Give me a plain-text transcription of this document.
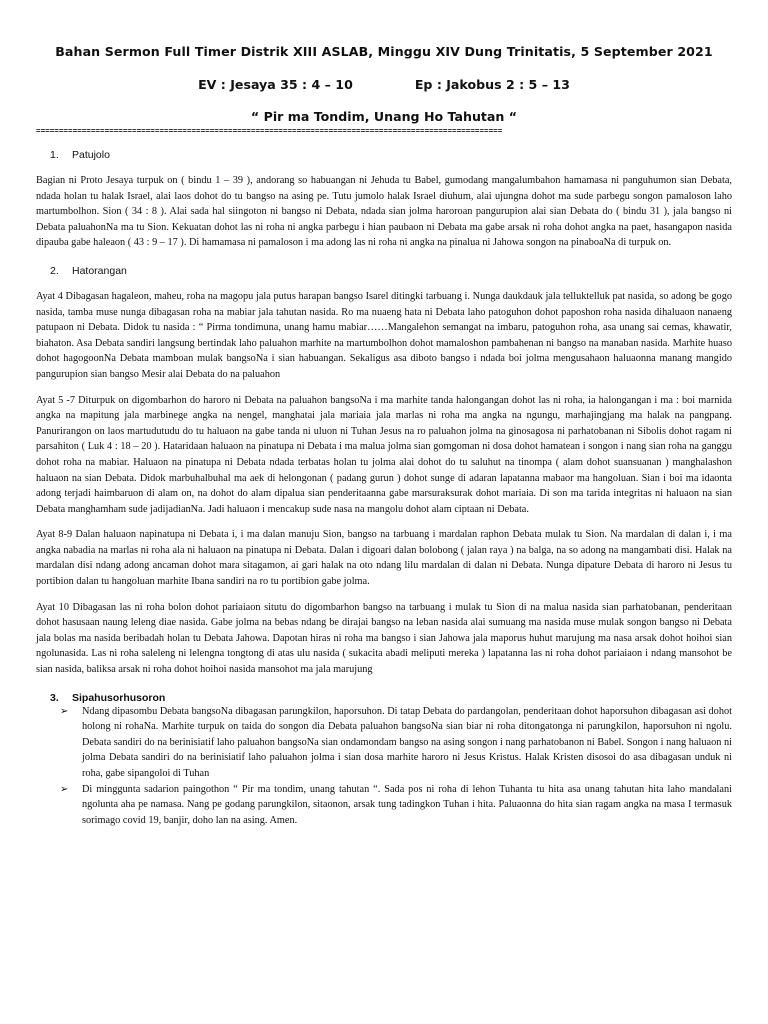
Bahan Sermon Full Timer Distrik XIII ASLAB, Minggu XIV Dung Trinitatis, 5 September 2021
EV : Jesaya 35 : 4 – 10	Ep : Jakobus 2 : 5 – 13
“ Pir ma Tondim, Unang Ho Tahutan “
======================================================================================================
1.	Patujolo

Bagian ni Proto Jesaya turpuk on ( bindu 1 – 39 ), andorang so habuangan ni Jehuda tu Babel, gumodang mangalumbahon hamamasa ni panguhumon sian Debata, ndada holan tu halak Israel, alai laos dohot do tu bangso na asing pe. Tutu jumolo halak Israel diuhum, alai ujungna dohot ma sude parbegu songon pamaloson laho martumbolhon. Sion ( 34 : 8 ). Alai sada hal siingoton ni bangso ni Debata, ndada sian jolma haroroan pangurupion alai sian Debata do ( bindu 31 ), jala bangso ni Debata paluahonNa ma tu Sion. Kekuatan dohot las ni roha ni angka parbegu i hian paubaon ni Debata ma gabe arsak ni roha dohot angka na paet, hasangapon nasida dipauba gabe haleaon ( 43 : 9 – 17 ). Di hamamasa ni pamaloson i ma adong las ni roha ni angka na pinalua ni Jahowa songon na pinaboaNa di turpuk on.

2.	Hatorangan

Ayat 4 Dibagasan hagaleon, maheu, roha na magopu jala putus harapan bangso Isarel ditingki tarbuang i. Nunga daukdauk jala telluktelluk pat nasida, so adong be gogo nasida, tamba muse nunga dibagasan roha na mabiar jala tahutan nasida. Ro ma nuaeng hata ni Debata laho patoguhon dohot paposhon roha nasida dihaluaon nanaeng patupaon ni Debata. Didok tu nasida : “ Pirma tondimuna, unang hamu mabiar……Mangalehon semangat na imbaru, patoguhon roha, asa unang sai cemas, khawatir, biahaton. Asa Debata sandiri langsung bertindak laho paluahon marhite na martumbolhon dohot mamaloshon pambahenan ni bangso na manaban nasida. Marhite huaso dohot hagogoonNa Debata mamboan mulak bangsoNa i sian habuangan. Sekaligus asa diboto bangso i ndada boi jolma mengusahaon haluaonna manang mangido pangurupion sian bangso Mesir alai Debata do na paluahon

Ayat 5 -7 Diturpuk on digombarhon do haroro ni Debata na paluahon bangsoNa i ma marhite tanda halongangan dohot las ni roha, ia halongangan i ma : boi marnida angka na mapitung jala marbinege angka na nengel, manghatai jala mariaia jala marlas ni roha ma angka na ngungu, marhajingjang ma halak na pangpang. Panurirangon on laos martudutudu do tu haluaon na gabe tanda ni uluon ni Tuhan Jesus na ro paluahon jolma na ginosagosa ni parhatobanan ni Sibolis dohot ragam ni parsahiton ( Luk 4 : 18 – 20 ). Hataridaan haluaon na pinatupa ni Debata i ma malua jolma sian gomgoman ni dosa dohot hamatean i songon i nang sian roha na ganggu dohot roha na mabiar. Haluaon na pinatupa ni Debata ndada terbatas holan tu jolma alai dohot do tu saluhut na tinompa ( alam dohot suansuanan ) manghalashon haluaon na sian Debata. Didok marbuhalbuhal ma aek di helongonan ( padang gurun ) dohot sunge di adaran lapatanna mabaor ma hangoluan. Sian i boi ma idaonta adong terjadi haimbaruon di alam on, na dohot do alam dipalua sian penderitaanna gabe marsuraksurak dohot mariaia. Di son ma tarida integritas ni haluaon na sian Debata manghamham sude jadijadianNa. Jadi haluaon i mencakup sude nasa na mangolu dohot alam ciptaan ni Debata.

Ayat 8-9 Dalan haluaon napinatupa ni Debata i, i ma dalan manuju Sion, bangso na tarbuang i mardalan raphon Debata mulak tu Sion. Na mardalan di dalan i, i ma angka nabadia na marlas ni roha ala ni haluaon na pinatupa ni Debata. Dalan i digoari dalan bolobong ( jalan raya ) na balga, na so adong na mangambati disi. Halak na mardalan disi ndang adong ancaman dohot mara sitagamon, ai gari halak na oto ndang lilu mardalan di dalan ni Debata. Nunga dipature Debata di haroro ni Jesus tu portibion dalan tu hangoluan marhite Ibana sandiri na ro tu portibion gabe jolma.

Ayat 10 Dibagasan las ni roha bolon dohot pariaiaon situtu do digombarhon bangso na tarbuang i mulak tu Sion di na malua nasida sian parhatobanan, penderitaan dohot hasusaan naung leleng diae nasida. Gabe jolma na bebas ndang be dirajai bangso na leban nasida alai sumuang ma nasida muse mulak songon bangso ni Debata jala bolas ma nasida beribadah holan tu Debata Jahowa. Dapotan hiras ni roha ma bangso i sian Jahowa jala maporus huhut marujung ma nasa arsak dohot hoihoi sian ngolunasida. Las ni roha saleleng ni lelengna tongtong di atas ulu nasida ( sukacita abadi meliputi mereka ) lapatanna las ni roha dohot pariaiaon i ndang mansohot be sian nasida, baliksa arsak ni roha dohot hoihoi nasida mansohot ma jala marujung

3.	Sipahusorhusoron
➢ Ndang dipasombu Debata bangsoNa dibagasan parungkilon, haporsuhon. Di tatap Debata do pardangolan, penderitaan dohot haporsuhon dibagasan asi dohot holong ni rohaNa. Marhite turpuk on taida do songon dia Debata paluahon bangsoNa sian biar ni roha ditongatonga ni parungkilon, haporsuhon ni ngolu. Debata sandiri do na berinisiatif laho paluahon bangsoNa sian ondamondam bangso na asing songon i nang parhatobanon ni Babel. Songon i nang haluaon ni jolma Debata sandiri do na berinisiatif laho paluahon jolma i sian dosa marhite haroro ni Jesus Kristus. Halak Kristen disosoi do asa dibagasan unduk ni roha, gabe sipangoloi di Tuhan
➢ Di minggunta sadarion paingothon “ Pir ma tondim, unang tahutan “. Sada pos ni roha di lehon Tuhanta tu hita asa unang tahutan hita laho mandalani ngolunta aha pe namasa. Nang pe godang parungkilon, sitaonon, arsak tung tadingkon Tuhan i hita. Paluaonna do hita sian ragam angka na masa I termasuk sorimago covid 19, banjir, doho lan na asing. Amen.
